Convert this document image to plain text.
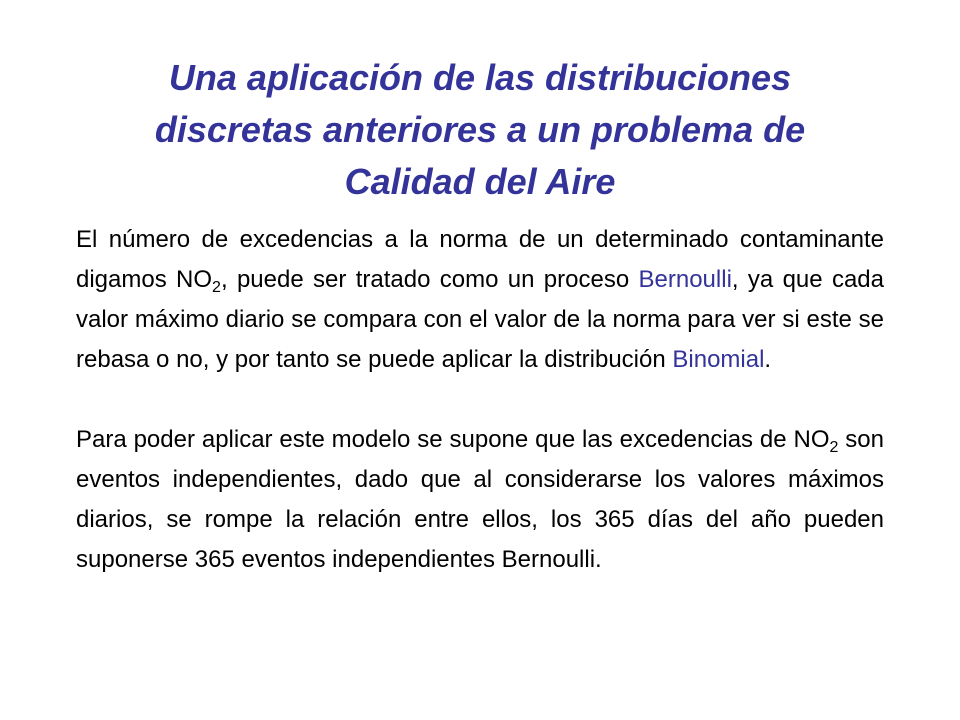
Una aplicación de las distribuciones
discretas anteriores a un problema de
Calidad del Aire

El número de excedencias a la norma de un determinado contaminante digamos $NO_2$, puede ser tratado como un proceso Bernoulli, ya que cada valor máximo diario se compara con el valor de la norma para ver si este se rebasa o no, y por tanto se puede aplicar la distribución Binomial.

Para poder aplicar este modelo se supone que las excedencias de $NO_2$ son eventos independientes, dado que al considerarse los valores máximos diarios, se rompe la relación entre ellos, los 365 días del año pueden suponerse 365 eventos independientes Bernoulli.
